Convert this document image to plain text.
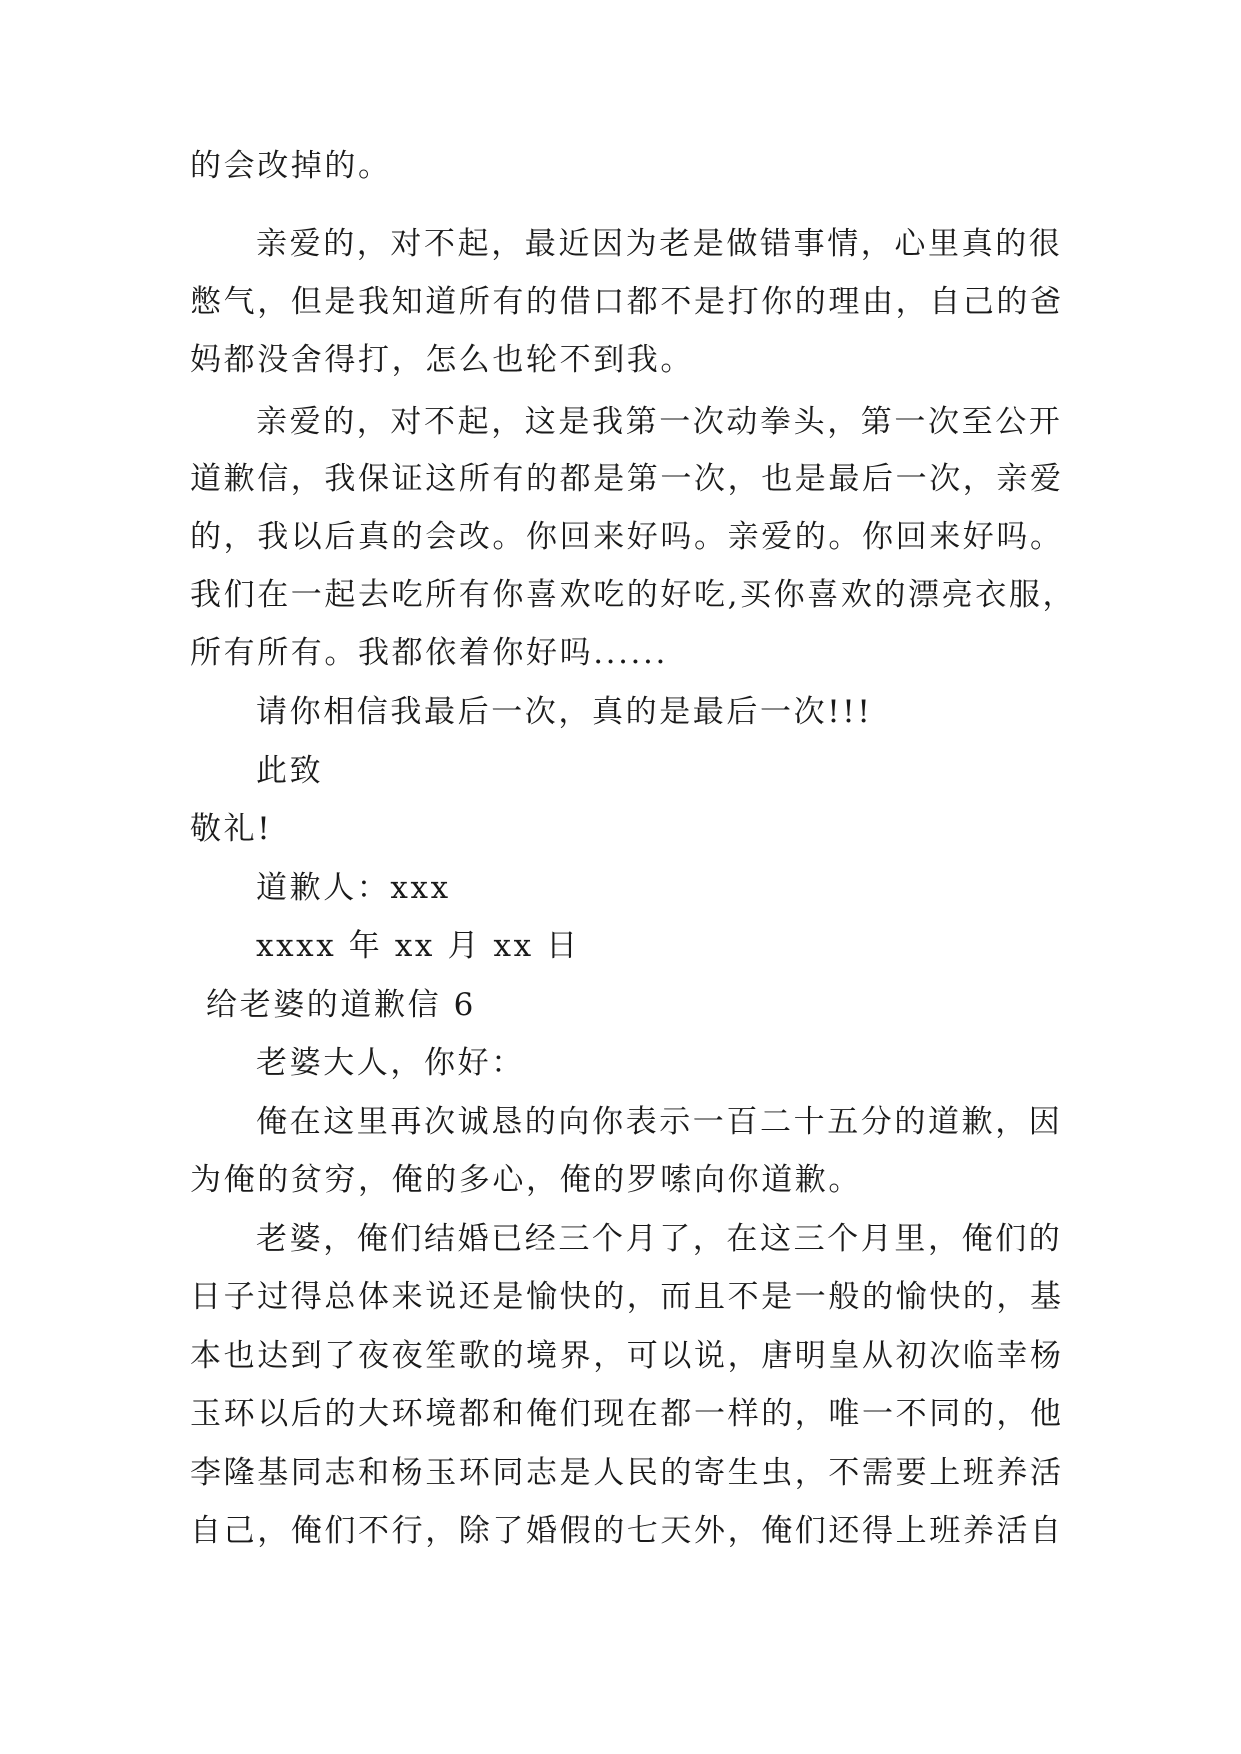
的会改掉的。
亲爱的，对不起，最近因为老是做错事情，心里真的很
憋气，但是我知道所有的借口都不是打你的理由，自己的爸
妈都没舍得打，怎么也轮不到我。
亲爱的，对不起，这是我第一次动拳头，第一次至公开
道歉信，我保证这所有的都是第一次，也是最后一次，亲爱
的，我以后真的会改。你回来好吗。亲爱的。你回来好吗。
我们在一起去吃所有你喜欢吃的好吃,买你喜欢的漂亮衣服，
所有所有。我都依着你好吗......
请你相信我最后一次，真的是最后一次!!!
此致
敬礼!
道歉人：xxx
xxxx 年 xx 月 xx 日
给老婆的道歉信 6
老婆大人，你好：
俺在这里再次诚恳的向你表示一百二十五分的道歉，因
为俺的贫穷，俺的多心，俺的罗嗦向你道歉。
老婆，俺们结婚已经三个月了，在这三个月里，俺们的
日子过得总体来说还是愉快的，而且不是一般的愉快的，基
本也达到了夜夜笙歌的境界，可以说，唐明皇从初次临幸杨
玉环以后的大环境都和俺们现在都一样的，唯一不同的，他
李隆基同志和杨玉环同志是人民的寄生虫，不需要上班养活
自己，俺们不行，除了婚假的七天外，俺们还得上班养活自
